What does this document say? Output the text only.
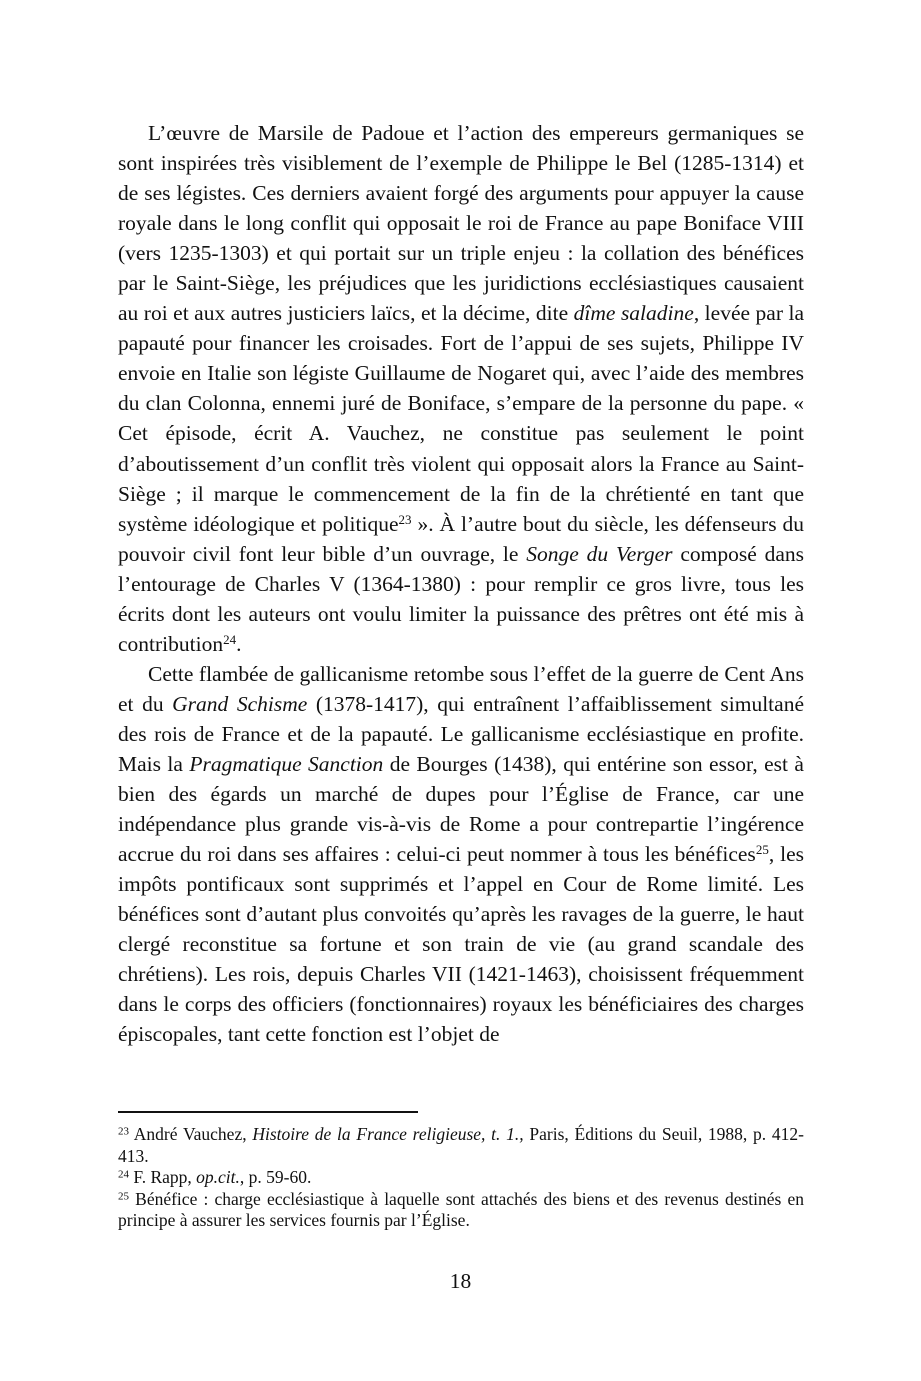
L’œuvre de Marsile de Padoue et l’action des empereurs germaniques se sont inspirées très visiblement de l’exemple de Philippe le Bel (1285-1314) et de ses légistes. Ces derniers avaient forgé des arguments pour appuyer la cause royale dans le long conflit qui opposait le roi de France au pape Boniface VIII (vers 1235-1303) et qui portait sur un triple enjeu : la collation des bénéfices par le Saint-Siège, les préjudices que les juridictions ecclésiastiques causaient au roi et aux autres justiciers laïcs, et la décime, dite dîme saladine, levée par la papauté pour financer les croisades. Fort de l’appui de ses sujets, Philippe IV envoie en Italie son légiste Guillaume de Nogaret qui, avec l’aide des membres du clan Colonna, ennemi juré de Boniface, s’empare de la personne du pape. « Cet épisode, écrit A. Vauchez, ne constitue pas seulement le point d’aboutissement d’un conflit très violent qui opposait alors la France au Saint-Siège ; il marque le commencement de la fin de la chrétienté en tant que système idéologique et politique$^{23}$ ». À l’autre bout du siècle, les défenseurs du pouvoir civil font leur bible d’un ouvrage, le Songe du Verger composé dans l’entourage de Charles V (1364-1380) : pour remplir ce gros livre, tous les écrits dont les auteurs ont voulu limiter la puissance des prêtres ont été mis à contribution$^{24}$.

Cette flambée de gallicanisme retombe sous l’effet de la guerre de Cent Ans et du Grand Schisme (1378-1417), qui entraînent l’affaiblissement simultané des rois de France et de la papauté. Le gallicanisme ecclésiastique en profite. Mais la Pragmatique Sanction de Bourges (1438), qui entérine son essor, est à bien des égards un marché de dupes pour l’Église de France, car une indépendance plus grande vis-à-vis de Rome a pour contrepartie l’ingérence accrue du roi dans ses affaires : celui-ci peut nommer à tous les bénéfices$^{25}$, les impôts pontificaux sont supprimés et l’appel en Cour de Rome limité. Les bénéfices sont d’autant plus convoités qu’après les ravages de la guerre, le haut clergé reconstitue sa fortune et son train de vie (au grand scandale des chrétiens). Les rois, depuis Charles VII (1421-1463), choisissent fréquemment dans le corps des officiers (fonctionnaires) royaux les bénéficiaires des charges épiscopales, tant cette fonction est l’objet de

$^{23}$ André Vauchez, Histoire de la France religieuse, t. 1., Paris, Éditions du Seuil, 1988, p. 412-413.
$^{24}$ F. Rapp, op.cit., p. 59-60.
$^{25}$ Bénéfice : charge ecclésiastique à laquelle sont attachés des biens et des revenus destinés en principe à assurer les services fournis par l’Église.
18
